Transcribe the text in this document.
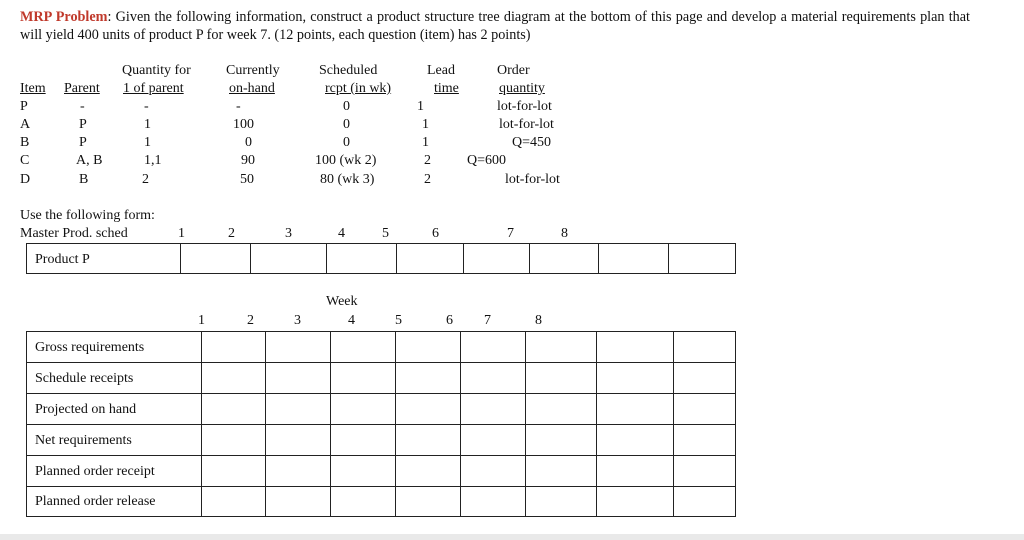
MRP Problem: Given the following information, construct a product structure tree diagram at the bottom of this page and develop a material requirements plan that will yield 400 units of product P for week 7. (12 points, each question (item) has 2 points)
Quantity for	Currently	Scheduled	Lead	Order
Item Parent 1 of parent	on-hand	rcpt (in wk)	time	quantity
P	-	-	-	0	1	lot-for-lot
A	P	1	100	0	1	lot-for-lot
B	P	1	0	0	1	Q=450
C	A, B	1,1	90	100 (wk 2)	2	Q=600
D	B	2	50	80 (wk 3)	2	lot-for-lot
Use the following form:
Master Prod. sched	1	2	3	4	5	6	7	8

Product P
Week
1	2	3	4	5	6 7	8

Gross requirements
Schedule receipts
Projected on hand
Net requirements
Planned order receipt
Planned order release
